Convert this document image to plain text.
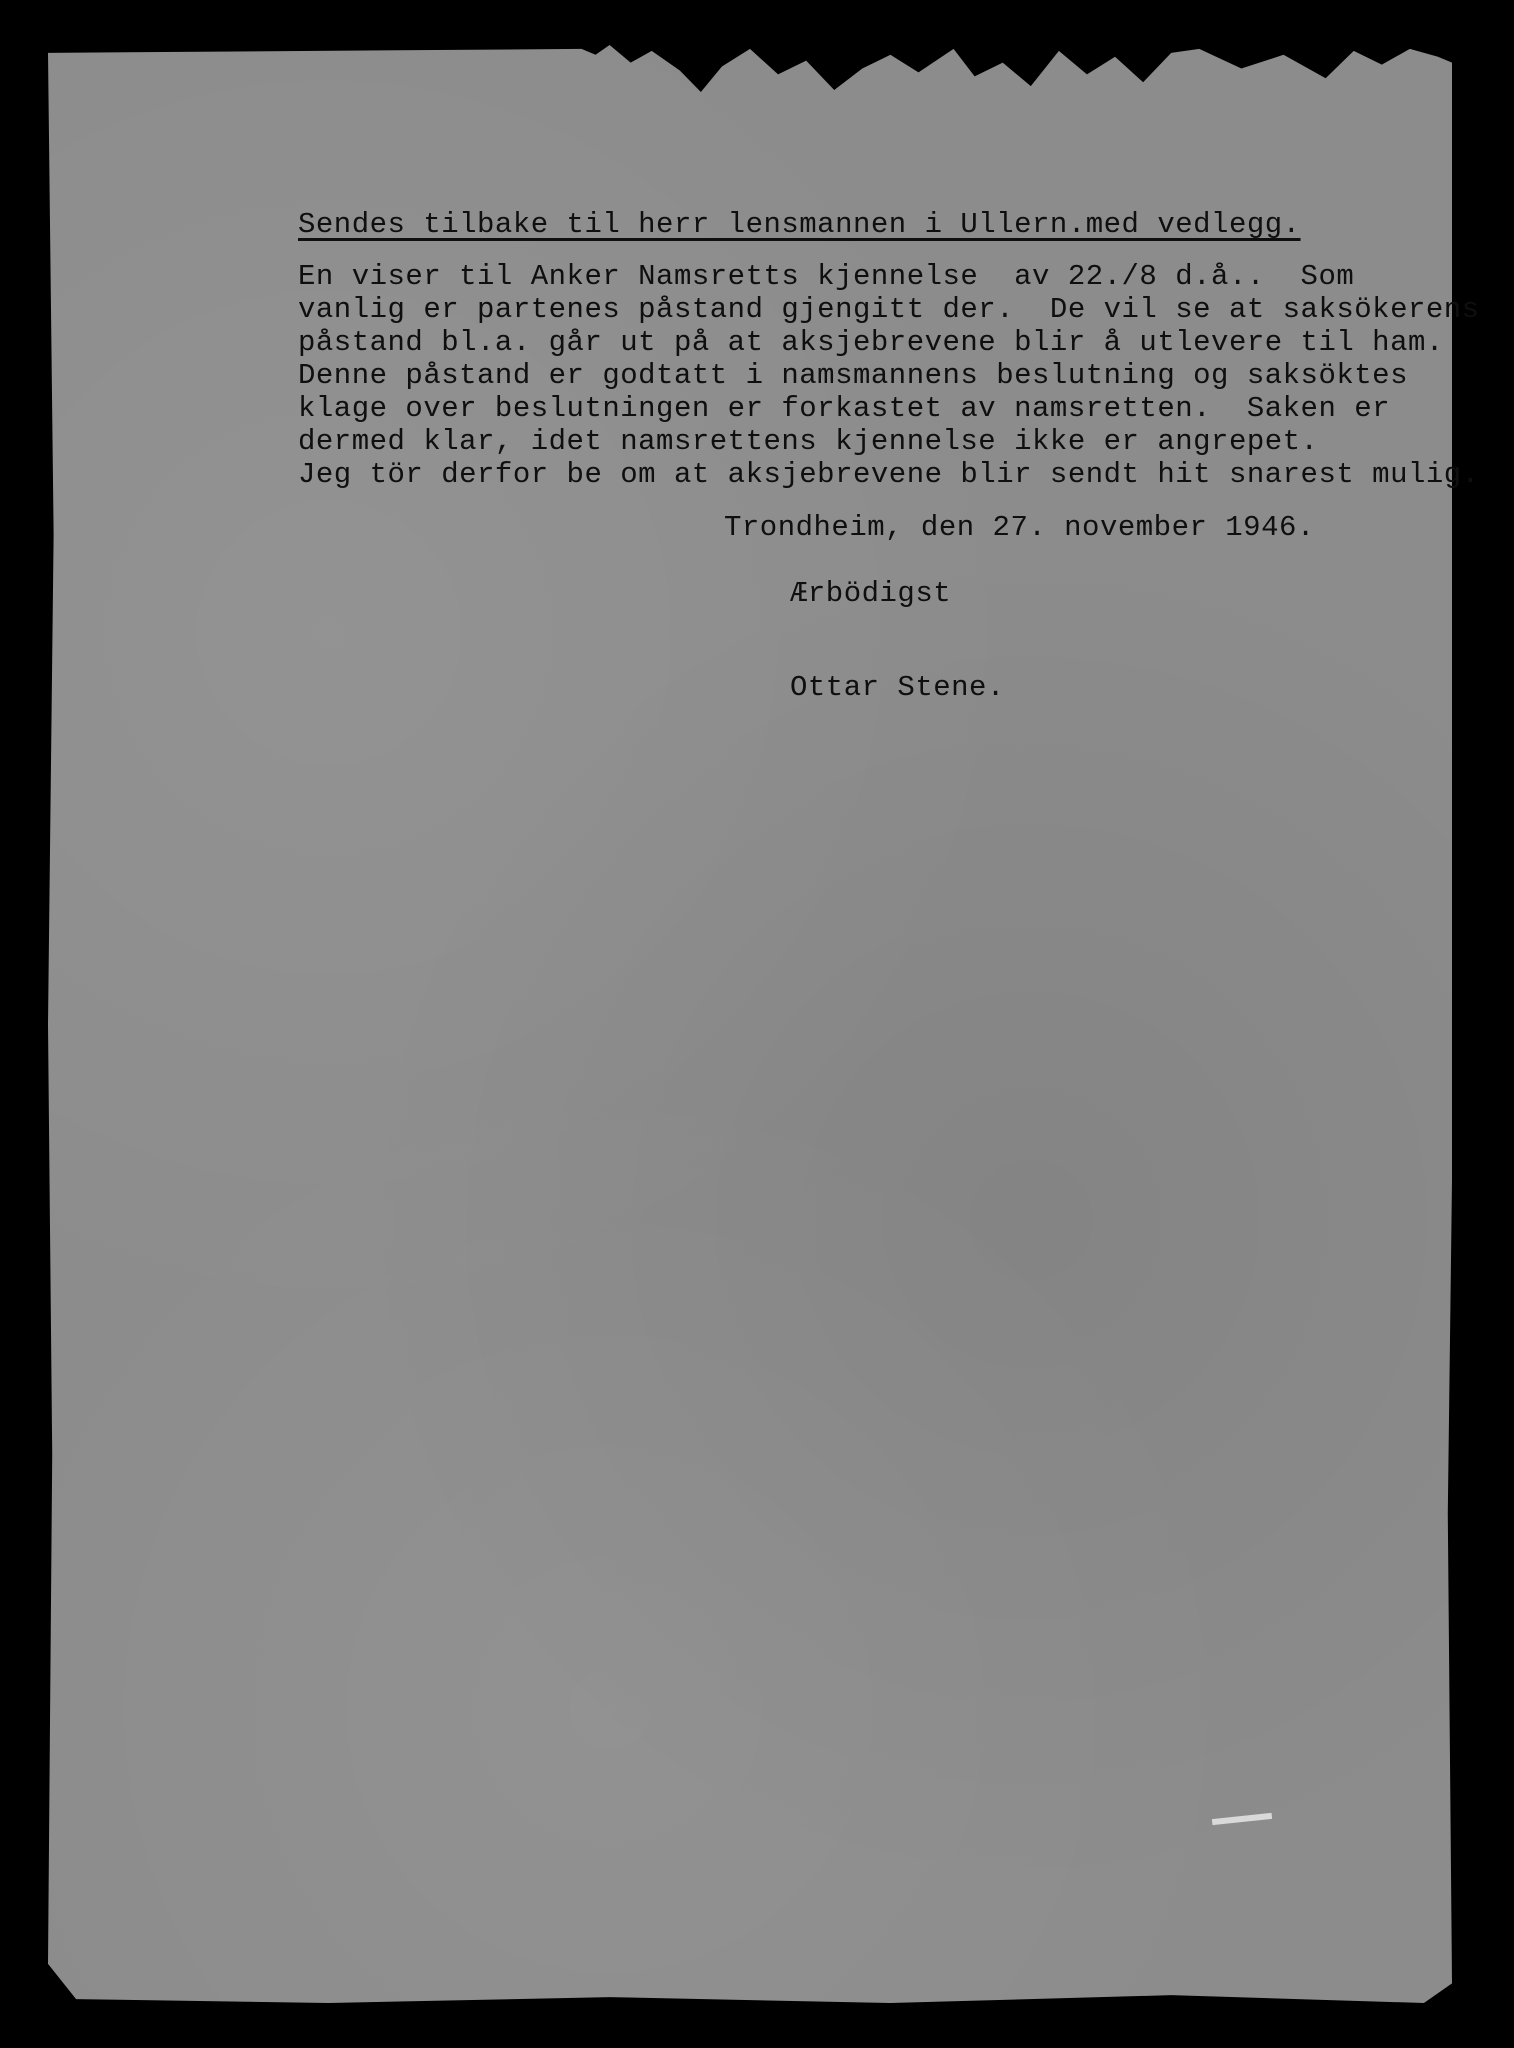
Sendes tilbake til herr lensmannen i Ullern.med vedlegg.
En viser til Anker Namsretts kjennelse  av 22./8 d.å..  Som
vanlig er partenes påstand gjengitt der.  De vil se at saksökerens
påstand bl.a. går ut på at aksjebrevene blir å utlevere til ham.
Denne påstand er godtatt i namsmannens beslutning og saksöktes
klage over beslutningen er forkastet av namsretten.  Saken er
dermed klar, idet namsrettens kjennelse ikke er angrepet.
Jeg tör derfor be om at aksjebrevene blir sendt hit snarest mulig.
Trondheim, den 27. november 1946.
Ærbödigst
Ottar Stene.
